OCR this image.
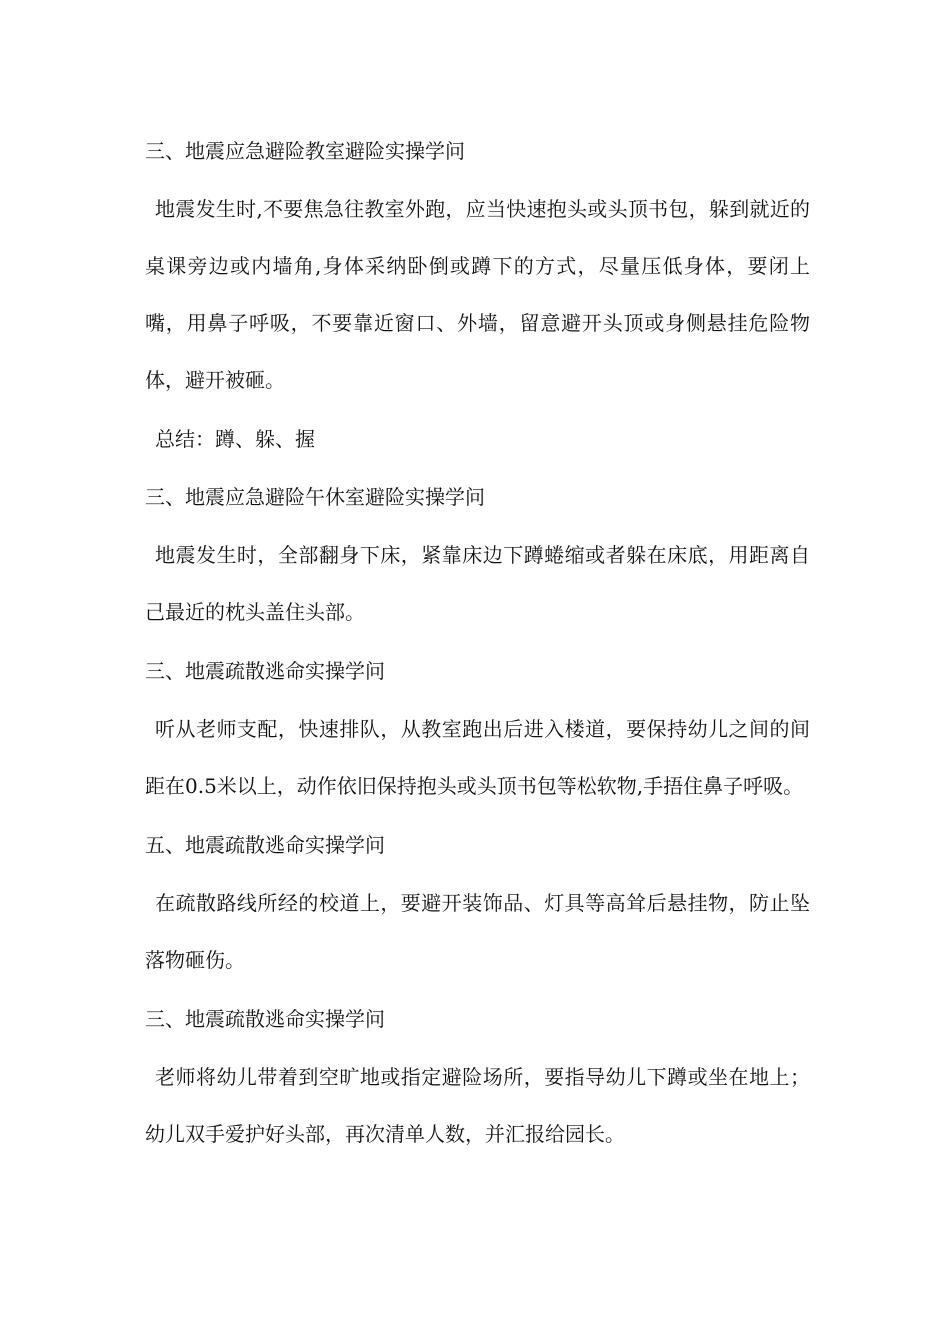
三、地震应急避险教室避险实操学问

地震发生时,不要焦急往教室外跑，应当快速抱头或头顶书包，躲到就近的桌课旁边或内墙角,身体采纳卧倒或蹲下的方式，尽量压低身体，要闭上嘴，用鼻子呼吸，不要靠近窗口、外墙，留意避开头顶或身侧悬挂危险物体，避开被砸。

总结：蹲、躲、握

三、地震应急避险午休室避险实操学问

地震发生时，全部翻身下床，紧靠床边下蹲蜷缩或者躲在床底，用距离自己最近的枕头盖住头部。

三、地震疏散逃命实操学问

听从老师支配，快速排队，从教室跑出后进入楼道，要保持幼儿之间的间距在0.5米以上，动作依旧保持抱头或头顶书包等松软物,手捂住鼻子呼吸。

五、地震疏散逃命实操学问

在疏散路线所经的校道上，要避开装饰品、灯具等高耸后悬挂物，防止坠落物砸伤。

三、地震疏散逃命实操学问

老师将幼儿带着到空旷地或指定避险场所，要指导幼儿下蹲或坐在地上；幼儿双手爱护好头部，再次清单人数，并汇报给园长。
